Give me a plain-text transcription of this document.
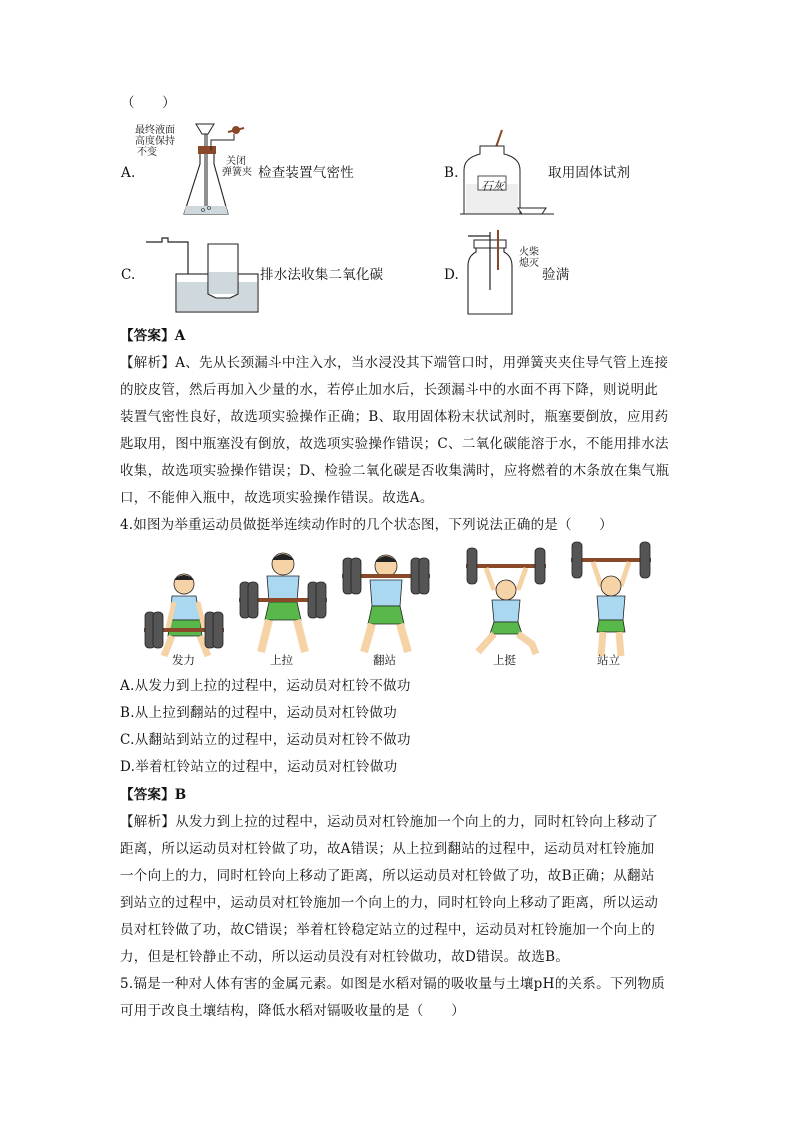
（　　）
A.
最终液面
高度保持
不变
关闭
弹簧夹 检查装置气密性	B.
石灰
取用固体试剂
C.	排水法收集二氧化碳	D.
火柴
熄灭
验满
【答案】A
【解析】A、先从长颈漏斗中注入水，当水浸没其下端管口时，用弹簧夹夹住导气管上连接
的胶皮管，然后再加入少量的水，若停止加水后，长颈漏斗中的水面不再下降，则说明此
装置气密性良好，故选项实验操作正确；B、取用固体粉末状试剂时，瓶塞要倒放，应用药
匙取用，图中瓶塞没有倒放，故选项实验操作错误；C、二氧化碳能溶于水，不能用排水法
收集，故选项实验操作错误；D、检验二氧化碳是否收集满时，应将燃着的木条放在集气瓶
口，不能伸入瓶中，故选项实验操作错误。故选A。
4.如图为举重运动员做挺举连续动作时的几个状态图，下列说法正确的是（　　）
发力	上拉	翻站	上挺	站立
A.从发力到上拉的过程中，运动员对杠铃不做功
B.从上拉到翻站的过程中，运动员对杠铃做功
C.从翻站到站立的过程中，运动员对杠铃不做功
D.举着杠铃站立的过程中，运动员对杠铃做功
【答案】B
【解析】从发力到上拉的过程中，运动员对杠铃施加一个向上的力，同时杠铃向上移动了
距离，所以运动员对杠铃做了功，故A错误；从上拉到翻站的过程中，运动员对杠铃施加
一个向上的力，同时杠铃向上移动了距离，所以运动员对杠铃做了功，故B正确；从翻站
到站立的过程中，运动员对杠铃施加一个向上的力，同时杠铃向上移动了距离，所以运动
员对杠铃做了功，故C错误；举着杠铃稳定站立的过程中，运动员对杠铃施加一个向上的
力，但是杠铃静止不动，所以运动员没有对杠铃做功，故D错误。故选B。
5.镉是一种对人体有害的金属元素。如图是水稻对镉的吸收量与土壤pH的关系。下列物质
可用于改良土壤结构，降低水稻对镉吸收量的是（　　）
